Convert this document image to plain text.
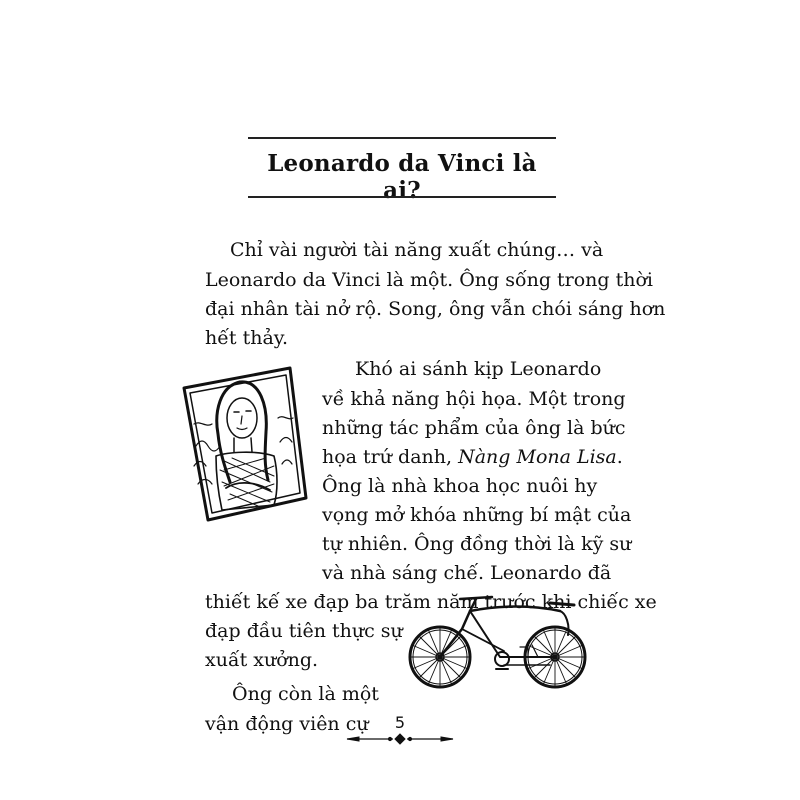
Leonardo da Vinci là ai?

Chỉ vài người tài năng xuất chúng… và

Leonardo da Vinci là một. Ông sống trong thời

đại nhân tài nở rộ. Song, ông vẫn chói sáng hơn

hết thảy.

Khó ai sánh kịp Leonardo

về khả năng hội họa. Một trong

những tác phẩm của ông là bức

họa trứ danh, Nàng Mona Lisa.

Ông là nhà khoa học nuôi hy

vọng mở khóa những bí mật của

tự nhiên. Ông đồng thời là kỹ sư

và nhà sáng chế. Leonardo đã

thiết kế xe đạp ba trăm năm trước khi chiếc xe

đạp đầu tiên thực sự

xuất xưởng.

Ông còn là một

vận động viên cự	5
